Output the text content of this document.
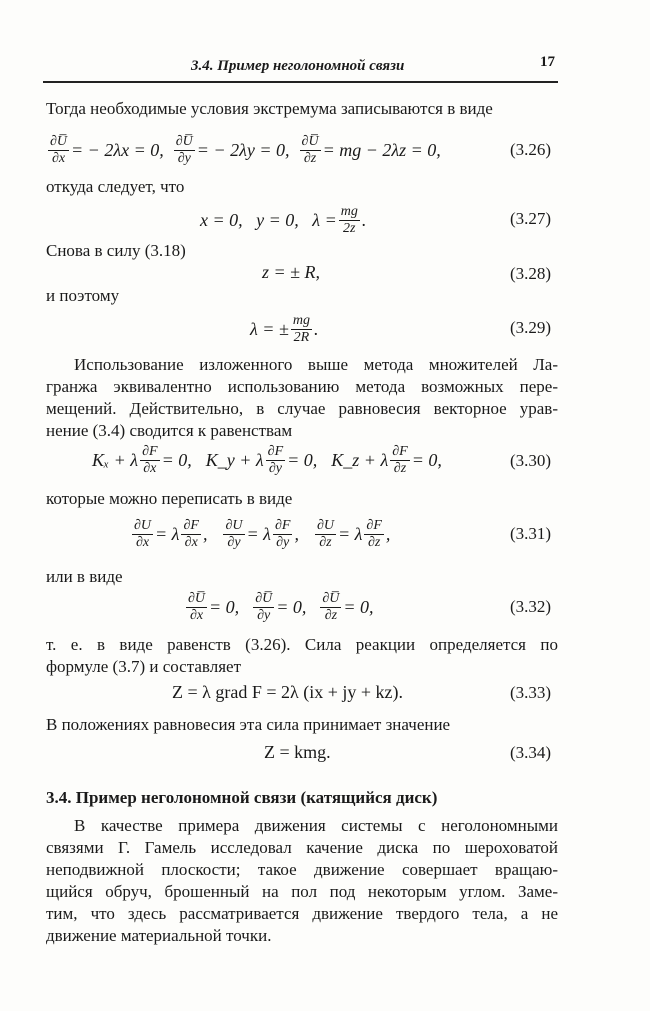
3.4. Пример неголономной связи	17
Тогда необходимые условия экстремума записываются в виде
$\frac{\partial U̅}{\partial x}$ = − 2λx = 0, $\frac{\partial U̅}{\partial y}$ = − 2λy = 0, $\frac{\partial U̅}{\partial z}$ = mg − 2λz = 0,	(3.26)
откуда следует, что
x = 0,   y = 0,   $\lambda = \frac{mg}{2z}$ .	(3.27)
Снова в силу (3.18)
z = ± R,	(3.28)
и поэтому
λ = ± $\frac{mg}{2R}$ .	(3.29)
Использование изложенного выше метода множителей Ла-
гранжа эквивалентно использованию метода возможных пере-
мещений. Действительно, в случае равновесия векторное урав-
нение (3.4) сводится к равенствам
Kₓ + λ $\frac{\partial F}{\partial x} = 0$, K_y + λ $\frac{\partial F}{\partial y} = 0$, K_z + λ $\frac{\partial F}{\partial z} = 0$,	(3.30)
которые можно переписать в виде
$\frac{\partial U}{\partial x} = \lambda \frac{\partial F}{\partial x}$ , $\frac{\partial U}{\partial y} = \lambda \frac{\partial F}{\partial y}$ , $\frac{\partial U}{\partial z} = \lambda \frac{\partial F}{\partial z}$ ,	(3.31)
или в виде
$\frac{\partial U̅}{\partial x} = 0$, $\frac{\partial U̅}{\partial y} = 0$, $\frac{\partial U̅}{\partial z} = 0$,	(3.32)
т. е. в виде равенств (3.26). Сила реакции определяется по
формуле (3.7) и составляет
Z = λ grad F = 2λ (ix + jy + kz).	(3.33)
В положениях равновесия эта сила принимает значение
Z = kmg.	(3.34)
3.4. Пример неголономной связи (катящийся диск)
В качестве примера движения системы с неголономными
связями Г. Гамель исследовал качение диска по шероховатой
неподвижной плоскости; такое движение совершает вращаю-
щийся обруч, брошенный на пол под некоторым углом. Заме-
тим, что здесь рассматривается движение твердого тела, а не
движение материальной точки.
